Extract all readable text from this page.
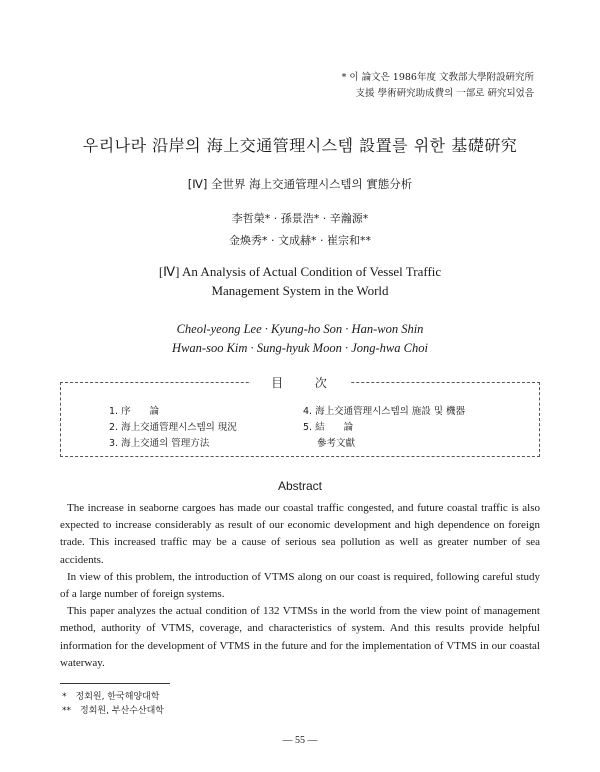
* 이 論文은 1986年度 文敎部大學附設硏究所
支援 學術硏究助成費의 一部로 硏究되었음
우리나라 沿岸의 海上交通管理시스템 設置를 위한 基礎硏究
[Ⅳ] 全世界 海上交通管理시스템의 實態分析
李哲榮* · 孫景浩* · 辛瀚源*
金煥秀* · 文成赫* · 崔宗和**
[Ⅳ] An Analysis of Actual Condition of Vessel Traffic
Management System in the World
Cheol-yeong Lee · Kyung-ho Son · Han-won Shin
Hwan-soo Kim · Sung-hyuk Moon · Jong-hwa Choi
目 次
1. 序　　論
2. 海上交通管理시스템의 現況
3. 海上交通의 管理方法
4. 海上交通管理시스템의 施設 및 機器
5. 結　　論
參考文獻
Abstract

The increase in seaborne cargoes has made our coastal traffic congested, and future coastal traffic is also expected to increase considerably as result of our economic development and high dependence on foreign trade. This increased traffic may be a cause of serious sea pollution as well as greater number of sea accidents.

In view of this problem, the introduction of VTMS along on our coast is required, following careful study of a large number of foreign systems.

This paper analyzes the actual condition of 132 VTMSs in the world from the view point of management method, authority of VTMS, coverage, and characteristics of system. And this results provide helpful information for the development of VTMS in the future and for the implementation of VTMS in our coastal waterway.

*　정회원, 한국해양대학
**　정회원, 부산수산대학
— 55 —
